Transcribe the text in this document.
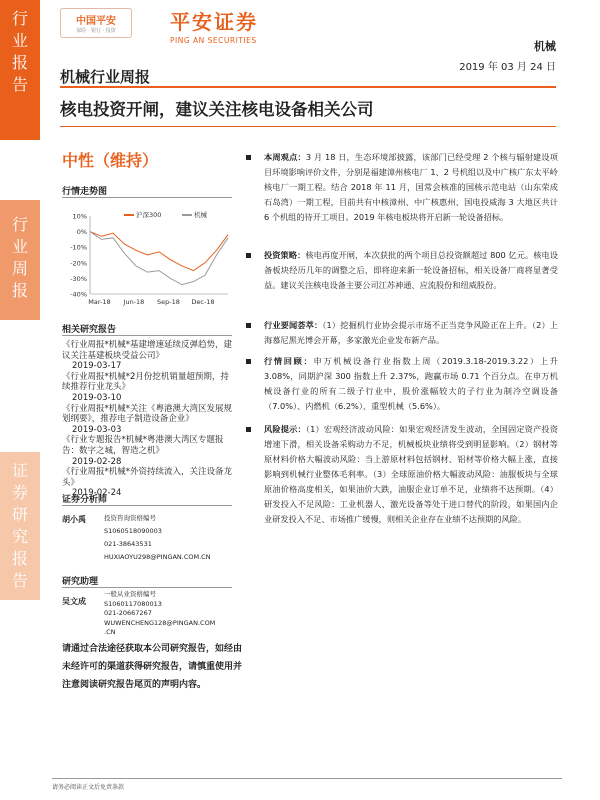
行
业
报
告
行
业
周
报
证
券
研
究
报
告
中国平安
保险 · 银行 · 投资	平安证券
PING AN SECURITIES	机械
机械行业周报
2019 年 03 月 24 日
核电投资开闸，建议关注核电设备相关公司
中性（维持）
行情走势图
10%
0%
-10%
-20%
-30%
-40%
Mar-18 Jun-18 Sep-18 Dec-18
沪深300	机械
相关研究报告
《行业周报*机械*基建增速延续反弹趋势，建议关注基建板块受益公司》
2019-03-17
《行业周报*机械*2月份挖机销量超预期，持续推荐行业龙头》
2019-03-10
《行业周报*机械*关注《粤港澳大湾区发展规划纲要》，推荐电子制造设备企业》
2019-03-03
《行业专题报告*机械*粤港澳大湾区专题报告：数字之城，智造之机》
2019-02-28
《行业周报*机械*外资持续流入，关注设备龙头》
2019-02-24
证券分析师
胡小禹	投资咨询资格编号
S1060518090003
021-38643531
HUXIAOYU298@PINGAN.COM.CN
研究助理
吴文成
一般从业资格编号
S1060117080013
021-20667267
WUWENCHENG128@PINGAN.COM
.CN
请通过合法途径获取本公司研究报告，如经由未经许可的渠道获得研究报告，请慎重使用并注意阅读研究报告尾页的声明内容。
本周观点：3 月 18 日，生态环境部披露，该部门已经受理 2 个核与辐射建设项目环境影响评价文件，分别是福建漳州核电厂 1、2 号机组以及中广核广东太平岭核电厂一期工程。结合 2018 年 11 月，国常会核准的国核示范电站（山东荣成石岛湾）一期工程，目前共有中核漳州、中广核惠州、国电投威海 3 大地区共计 6 个机组的待开工项目。2019 年核电板块将开启新一轮设备招标。
投资策略：核电再度开闸，本次获批的两个项目总投资额超过 800 亿元。核电设备板块经历几年的调整之后，即将迎来新一轮设备招标，相关设备厂商将显著受益。建议关注核电设备主要公司江苏神通、应流股份和纽威股份。
行业要闻荟萃：（1）挖掘机行业协会提示市场不正当竞争风险正在上升。（2）上海慕尼黑光博会开幕，多家激光企业发布新产品。
行情回顾：申万机械设备行业指数上周（2019.3.18-2019.3.22）上升 3.08%，同期沪深 300 指数上升 2.37%，跑赢市场 0.71 个百分点。在申万机械设备行业的所有二级子行业中，股价涨幅较大的子行业为制冷空调设备（7.0%）、内燃机（6.2%）、重型机械（5.6%）。
风险提示：（1）宏观经济波动风险：如果宏观经济发生波动，全国固定资产投资增速下滑，相关设备采购动力不足，机械板块业绩将受到明显影响。（2）钢材等原材料价格大幅波动风险：当上游原材料包括钢材、铝材等价格大幅上涨，直接影响到机械行业整体毛利率。（3）全球原油价格大幅波动风险：油服板块与全球原油价格高度相关，如果油价大跌，油服企业订单不足，业绩将不达预期。（4）研发投入不足风险：工业机器人、激光设备等处于进口替代的阶段，如果国内企业研发投入不足、市场推广缓慢，则相关企业存在业绩不达预期的风险。
请务必阅读正文后免责条款
